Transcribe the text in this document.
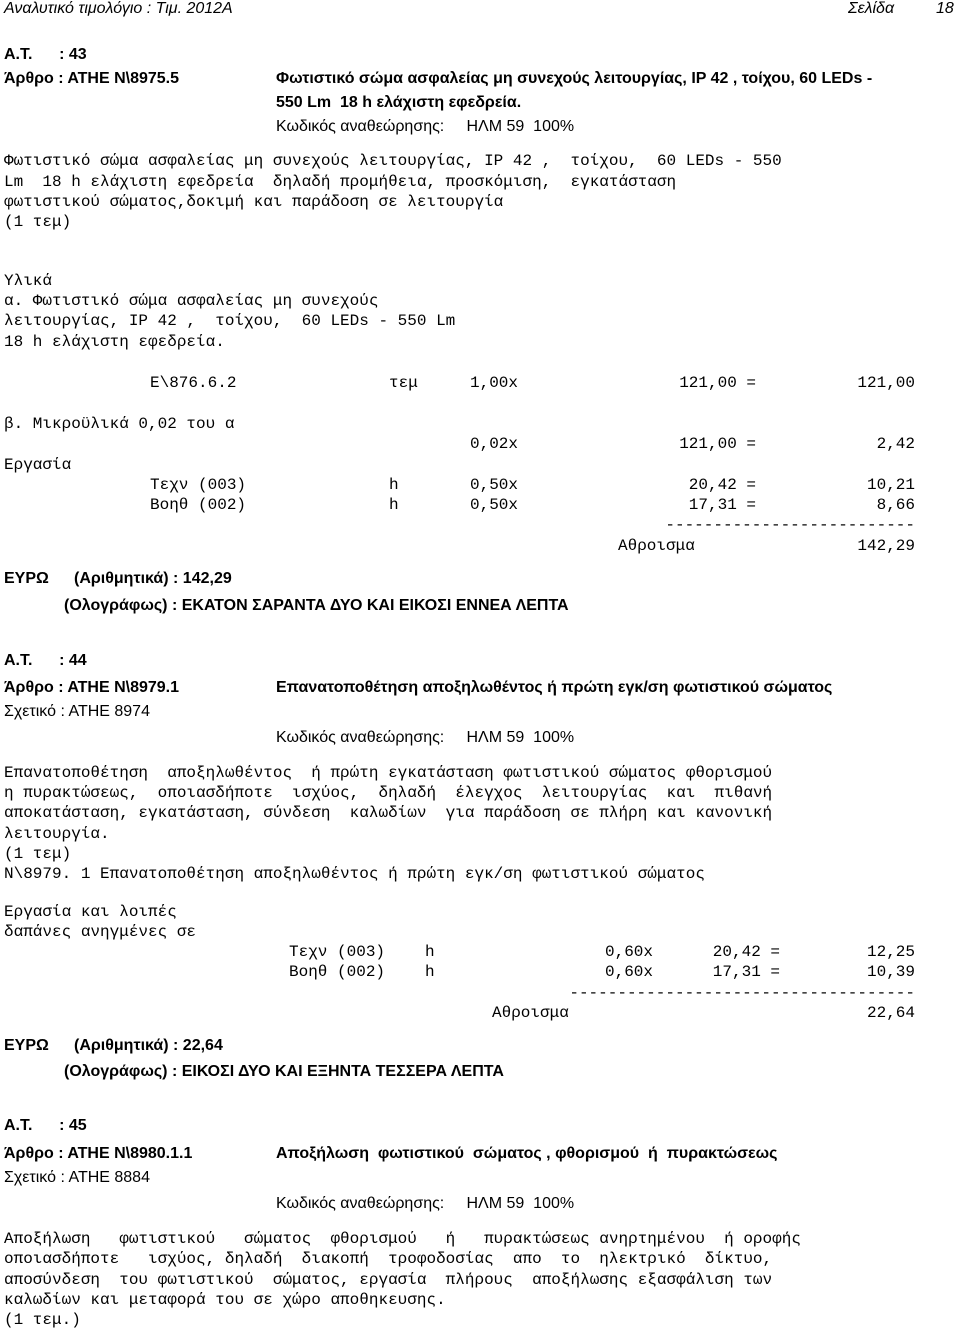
Αναλυτικό τιμολόγιο : Τιμ. 2012Α	Σελίδα	18
Α.Τ.      : 43
Άρθρο : ΑΤΗΕ Ν\8975.5	Φωτιστικό σώμα ασφαλείας μη συνεχούς λειτουργίας, IP 42 , τοίχου, 60 LEDs -
550 Lm  18 h ελάχιστη εφεδρεία.
Κωδικός αναθεώρησης:     ΗΛΜ 59  100%
Φωτιστικό σώμα ασφαλείας μη συνεχούς λειτουργίας, IP 42 ,  τοίχου,  60 LEDs - 550
Lm  18 h ελάχιστη εφεδρεία  δηλαδή προμήθεια, προσκόμιση,  εγκατάσταση
φωτιστικού σώματος,δοκιμή και παράδοση σε λειτουργία
(1 τεμ)
Υλικά
α. Φωτιστικό σώμα ασφαλείας μη συνεχούς
λειτουργίας, IP 42 ,  τοίχου,  60 LEDs - 550 Lm
18 h ελάχιστη εφεδρεία.
Ε\876.6.2	τεμ	1,00x	121,00 =	121,00
β. Μικροϋλικά 0,02 του α
0,02x	121,00 =	2,42
Εργασία
Τεχν (003)	h	0,50x	20,42 =	10,21
Βοηθ (002)	h	0,50x	17,31 =	8,66
--------------------------
Αθροισμα	142,29
ΕΥΡΩ (Αριθμητικά) : 142,29
(Ολογράφως) : ΕΚΑΤΟΝ ΣΑΡΑΝΤΑ ΔΥΟ ΚΑΙ ΕΙΚΟΣΙ ΕΝΝΕΑ ΛΕΠΤΑ
Α.Τ.      : 44
Άρθρο : ΑΤΗΕ Ν\8979.1	Επανατοποθέτηση αποξηλωθέντος ή πρώτη εγκ/ση φωτιστικού σώματος
Σχετικό : ΑΤΗΕ 8974
Κωδικός αναθεώρησης:     ΗΛΜ 59  100%
Επανατοποθέτηση  αποξηλωθέντος  ή πρώτη εγκατάσταση φωτιστικού σώματος φθορισμού
η πυρακτώσεως,  οποιασδήποτε  ισχύος,  δηλαδή  έλεγχος  λειτουργίας  και  πιθανή
αποκατάσταση, εγκατάσταση, σύνδεση  καλωδίων  για παράδοση σε πλήρη και κανονική
λειτουργία.
(1 τεμ)
Ν\8979. 1 Επανατοποθέτηση αποξηλωθέντος ή πρώτη εγκ/ση φωτιστικού σώματος
Εργασία και λοιπές
δαπάνες ανηγμένες σε
Τεχν (003) h	0,60x	20,42 =	12,25
Βοηθ (002) h	0,60x	17,31 =	10,39
------------------------------------
Αθροισμα	22,64
ΕΥΡΩ (Αριθμητικά) : 22,64
(Ολογράφως) : ΕΙΚΟΣΙ ΔΥΟ ΚΑΙ ΕΞΗΝΤΑ ΤΕΣΣΕΡΑ ΛΕΠΤΑ
Α.Τ.      : 45
Άρθρο : ΑΤΗΕ Ν\8980.1.1	Αποξήλωση  φωτιστικού  σώματος , φθορισμού  ή  πυρακτώσεως
Σχετικό : ΑΤΗΕ 8884
Κωδικός αναθεώρησης:     ΗΛΜ 59  100%
Αποξήλωση   φωτιστικού   σώματος  φθορισμού   ή   πυρακτώσεως ανηρτημένου  ή οροφής
οποιασδήποτε   ισχύος, δηλαδή  διακοπή  τροφοδοσίας  απο  το  ηλεκτρικό  δίκτυο,
αποσύνδεση  του φωτιστικού  σώματος, εργασία  πλήρους  αποξήλωσης εξασφάλιση των
καλωδίων και μεταφορά του σε χώρο αποθηκευσης.
(1 τεμ.)
